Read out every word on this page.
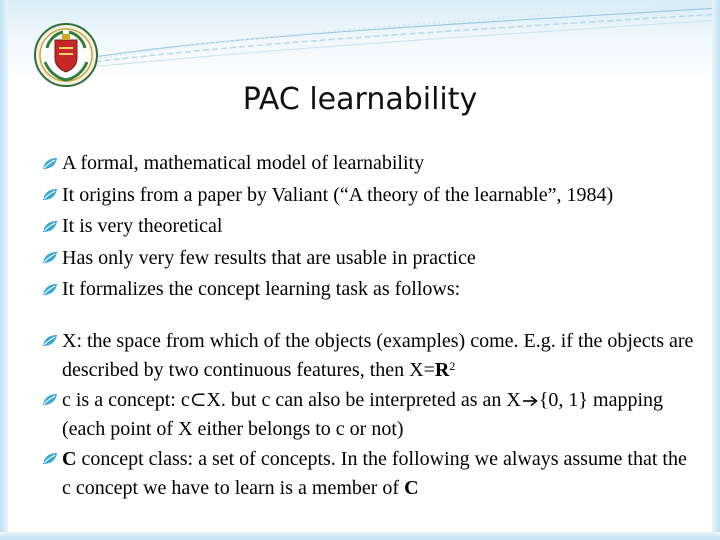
PAC learnability
A formal, mathematical model of learnability
It origins from a paper by Valiant (“A theory of the learnable”, 1984)
It is very theoretical
Has only very few results that are usable in practice
It formalizes the concept learning task as follows:
X: the space from which of the objects (examples) come. E.g. if the objects are described by two continuous features, then $X=R^2$
c is a concept: c⊂X. but c can also be interpreted as an X {0, 1} mapping (each point of X either belongs to c or not)
C concept class: a set of concepts. In the following we always assume that the c concept we have to learn is a member of C
